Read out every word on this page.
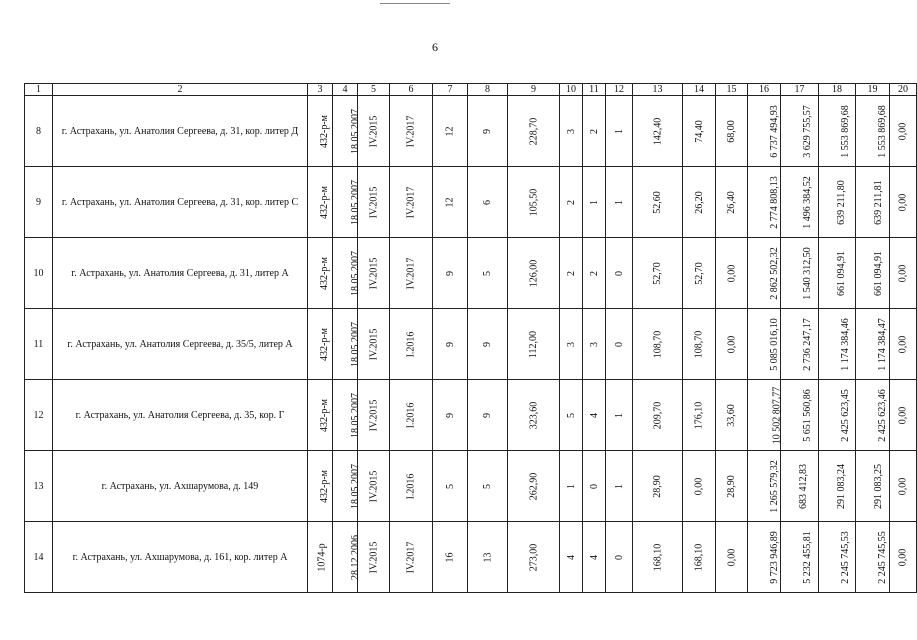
6
1	2	3	4	5	6	7	8	9	10	11	12	13	14	15	16	17	18	19	20
8	г. Астрахань, ул. Анатолия Сергеева, д. 31, кор. литер Д	432-р-м	18.05.2007	IV.2015	IV.2017	12	9	228,70	3	2	1	142,40	74,40	68,00	6 737 494,93	3 629 755,57	1 553 869,68	1 553 869,68	0,00
9	г. Астрахань, ул. Анатолия Сергеева, д. 31, кор. литер С	432-р-м	18.05.2007	IV.2015	IV.2017	12	6	105,50	2	1	1	52,60	26,20	26,40	2 774 808,13	1 496 384,52	639 211,80	639 211,81	0,00
10	г. Астрахань, ул. Анатолия Сергеева, д. 31, литер А	432-р-м	18.05.2007	IV.2015	IV.2017	9	5	126,00	2	2	0	52,70	52,70	0,00	2 862 502,32	1 540 312,50	661 094,91	661 094,91	0,00
11	г. Астрахань, ул. Анатолия Сергеева, д. 35/5, литер А	432-р-м	18.05.2007	IV.2015	I.2016	9	9	112,00	3	3	0	108,70	108,70	0,00	5 085 016,10	2 736 247,17	1 174 384,46	1 174 384,47	0,00
12	г. Астрахань, ул. Анатолия Сергеева, д. 35, кор. Г	432-р-м	18.05.2007	IV.2015	I.2016	9	9	323,60	5	4	1	209,70	176,10	33,60	10 502 807,77	5 651 560,86	2 425 623,45	2 425 623,46	0,00
13	г. Астрахань, ул. Ахшарумова, д. 149	432-р-м	18.05.2007	IV.2015	I.2016	5	5	262,90	1	0	1	28,90	0,00	28,90	1 265 579,32	683 412,83	291 083,24	291 083,25	0,00
14	г. Астрахань, ул. Ахшарумова, д. 161, кор. литер А	1074-р	28.12.2006	IV.2015	IV.2017	16	13	273,00	4	4	0	168,10	168,10	0,00	9 723 946,89	5 232 455,81	2 245 745,53	2 245 745,55	0,00
